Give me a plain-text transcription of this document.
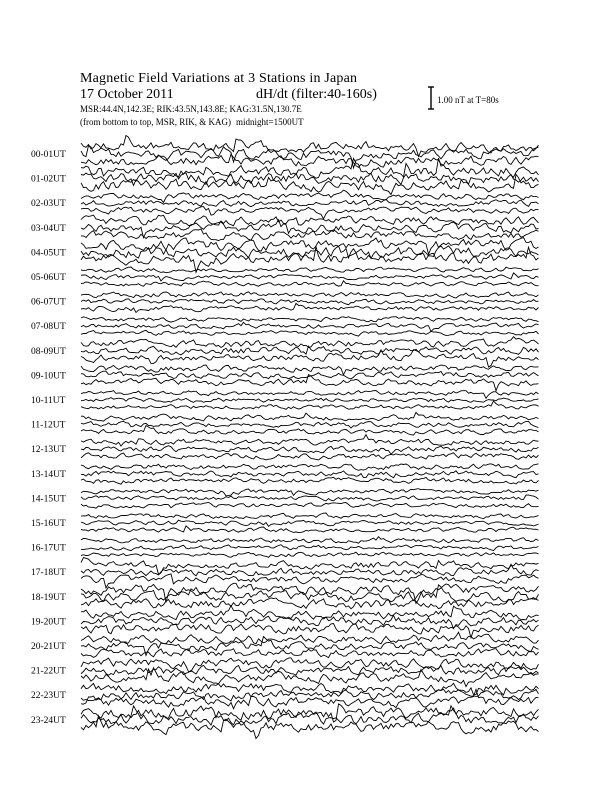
Magnetic Field Variations at 3 Stations in Japan
17 October 2011	dH/dt (filter:40-160s)
MSR:44.4N,142.3E; RIK:43.5N,143.8E; KAG:31.5N,130.7E
(from bottom to top, MSR, RIK, & KAG) midnight=1500UT
1.00 nT at T=80s
00-01UT
01-02UT
02-03UT
03-04UT
04-05UT
05-06UT
06-07UT
07-08UT
08-09UT
09-10UT
10-11UT
11-12UT
12-13UT
13-14UT
14-15UT
15-16UT
16-17UT
17-18UT
18-19UT
19-20UT
20-21UT
21-22UT
22-23UT
23-24UT
